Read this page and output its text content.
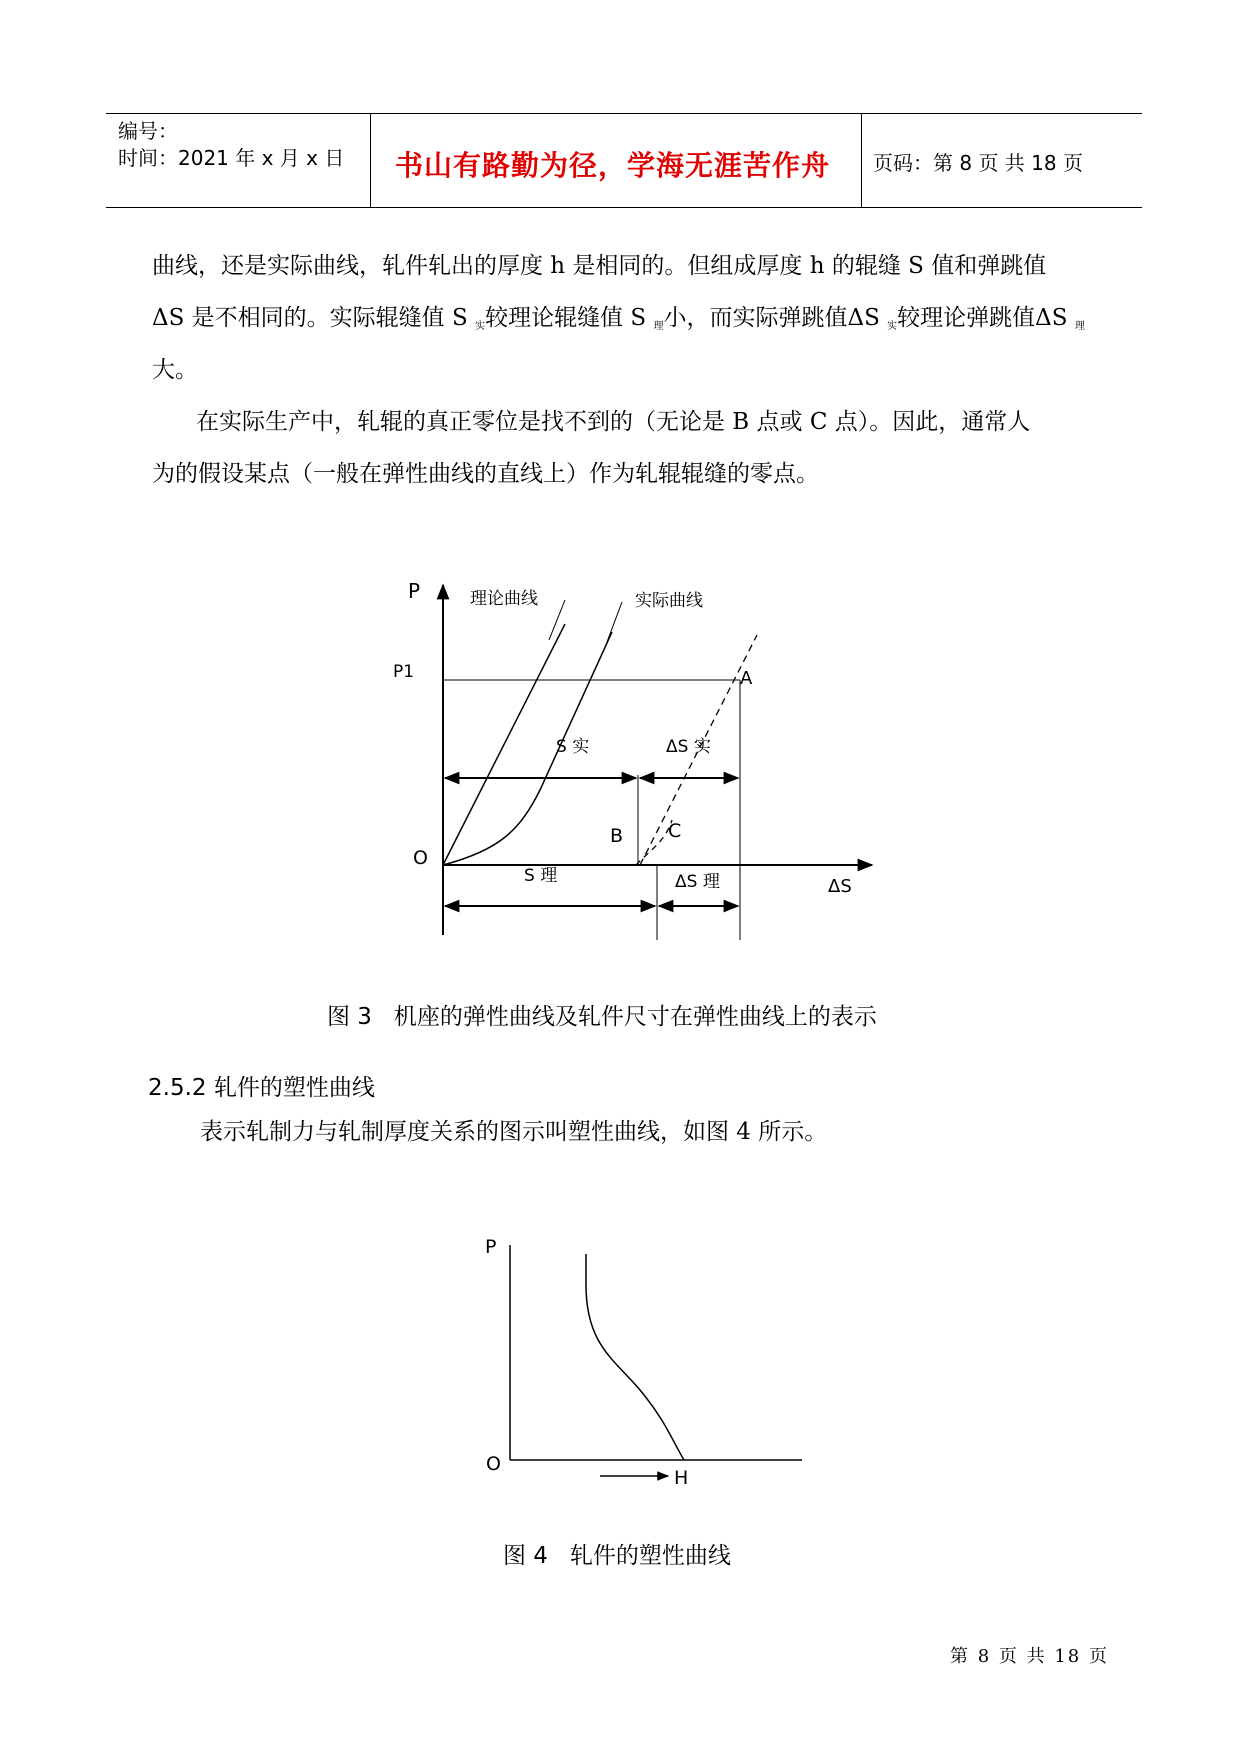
编号：
时间：2021 年 x 月 x 日 书山有路勤为径，学海无涯苦作舟 页码：第 8 页 共 18 页
曲线，还是实际曲线，轧件轧出的厚度 h 是相同的。但组成厚度 h 的辊缝 S 值和弹跳值
ΔS 是不相同的。实际辊缝值 S $_实$较理论辊缝值 S $_理$小，而实际弹跳值ΔS $_实$较理论弹跳值ΔS $_理$
大。
在实际生产中，轧辊的真正零位是找不到的（无论是 B 点或 C 点）。因此，通常人
为的假设某点（一般在弹性曲线的直线上）作为轧辊辊缝的零点。
P
P1
理论曲线	实际曲线
A
S 实	ΔS 实
B C
O
S 理	ΔS 理	ΔS
图 3   机座的弹性曲线及轧件尺寸在弹性曲线上的表示
2.5.2 轧件的塑性曲线
表示轧制力与轧制厚度关系的图示叫塑性曲线，如图 4 所示。
P
O
H
图 4   轧件的塑性曲线
第 8 页 共 18 页
